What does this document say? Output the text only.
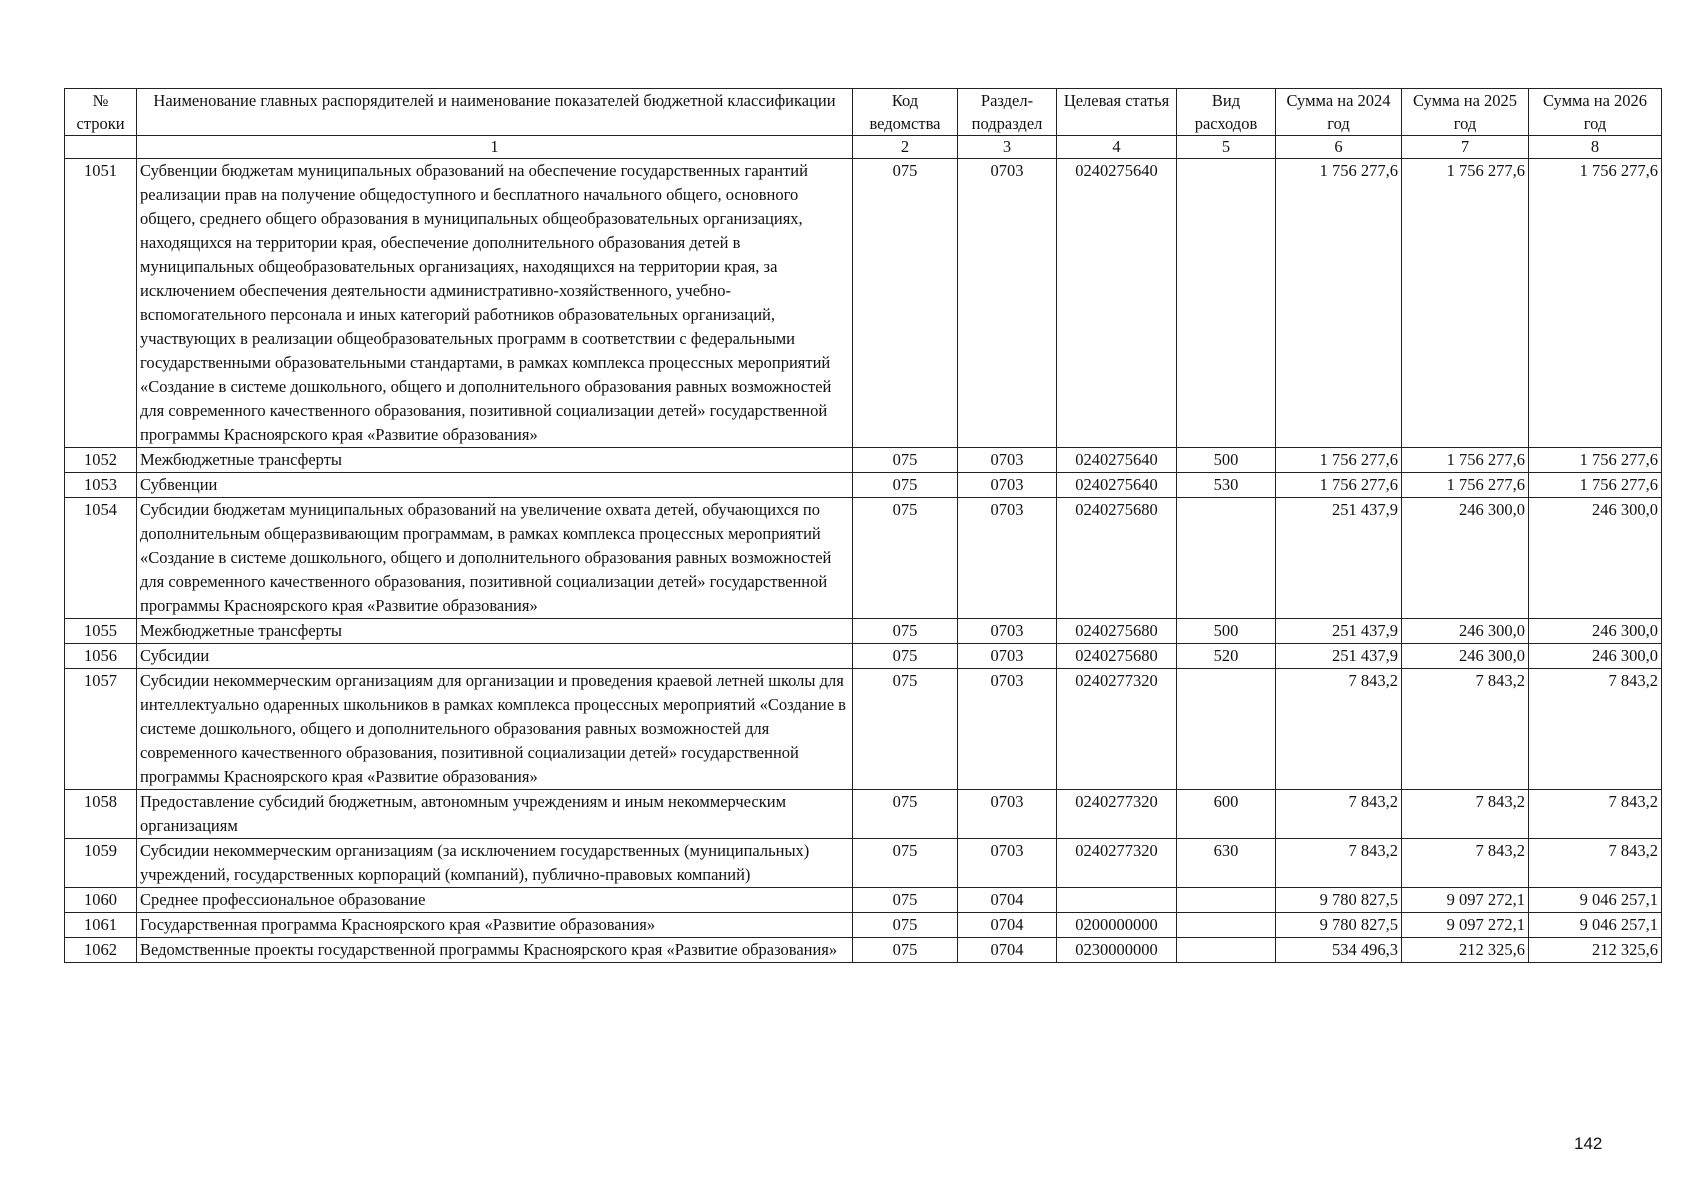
№ строки	Наименование главных распорядителей и наименование показателей бюджетной классификации	Код ведомства	Раздел-подраздел	Целевая статья	Вид расходов	Сумма на 2024 год	Сумма на 2025 год	Сумма на 2026 год
	1	2	3	4	5	6	7	8
1051	Субвенции бюджетам муниципальных образований на обеспечение государственных гарантий реализации прав на получение общедоступного и бесплатного начального общего, основного общего, среднего общего образования в муниципальных общеобразовательных организациях, находящихся на территории края, обеспечение дополнительного образования детей в муниципальных общеобразовательных организациях, находящихся на территории края, за исключением обеспечения деятельности административно-хозяйственного, учебно-вспомогательного персонала и иных категорий работников образовательных организаций, участвующих в реализации общеобразовательных программ в соответствии с федеральными государственными образовательными стандартами, в рамках комплекса процессных мероприятий «Создание в системе дошкольного, общего и дополнительного образования равных возможностей для современного качественного образования, позитивной социализации детей» государственной программы Красноярского края «Развитие образования»	075	0703	0240275640		1 756 277,6	1 756 277,6	1 756 277,6
1052	Межбюджетные трансферты	075	0703	0240275640	500	1 756 277,6	1 756 277,6	1 756 277,6
1053	Субвенции	075	0703	0240275640	530	1 756 277,6	1 756 277,6	1 756 277,6
1054	Субсидии бюджетам муниципальных образований на увеличение охвата детей, обучающихся по дополнительным общеразвивающим программам, в рамках комплекса процессных мероприятий «Создание в системе дошкольного, общего и дополнительного образования равных возможностей для современного качественного образования, позитивной социализации детей» государственной программы Красноярского края «Развитие образования»	075	0703	0240275680		251 437,9	246 300,0	246 300,0
1055	Межбюджетные трансферты	075	0703	0240275680	500	251 437,9	246 300,0	246 300,0
1056	Субсидии	075	0703	0240275680	520	251 437,9	246 300,0	246 300,0
1057	Субсидии некоммерческим организациям для организации и проведения краевой летней школы для интеллектуально одаренных школьников в рамках комплекса процессных мероприятий «Создание в системе дошкольного, общего и дополнительного образования равных возможностей для современного качественного образования, позитивной социализации детей» государственной программы Красноярского края «Развитие образования»	075	0703	0240277320		7 843,2	7 843,2	7 843,2
1058	Предоставление субсидий бюджетным, автономным учреждениям и иным некоммерческим организациям	075	0703	0240277320	600	7 843,2	7 843,2	7 843,2
1059	Субсидии некоммерческим организациям (за исключением государственных (муниципальных) учреждений, государственных корпораций (компаний), публично-правовых компаний)	075	0703	0240277320	630	7 843,2	7 843,2	7 843,2
1060	Среднее профессиональное образование	075	0704			9 780 827,5	9 097 272,1	9 046 257,1
1061	Государственная программа Красноярского края «Развитие образования»	075	0704	0200000000		9 780 827,5	9 097 272,1	9 046 257,1
1062	Ведомственные проекты государственной программы Красноярского края «Развитие образования»	075	0704	0230000000		534 496,3	212 325,6	212 325,6
142
